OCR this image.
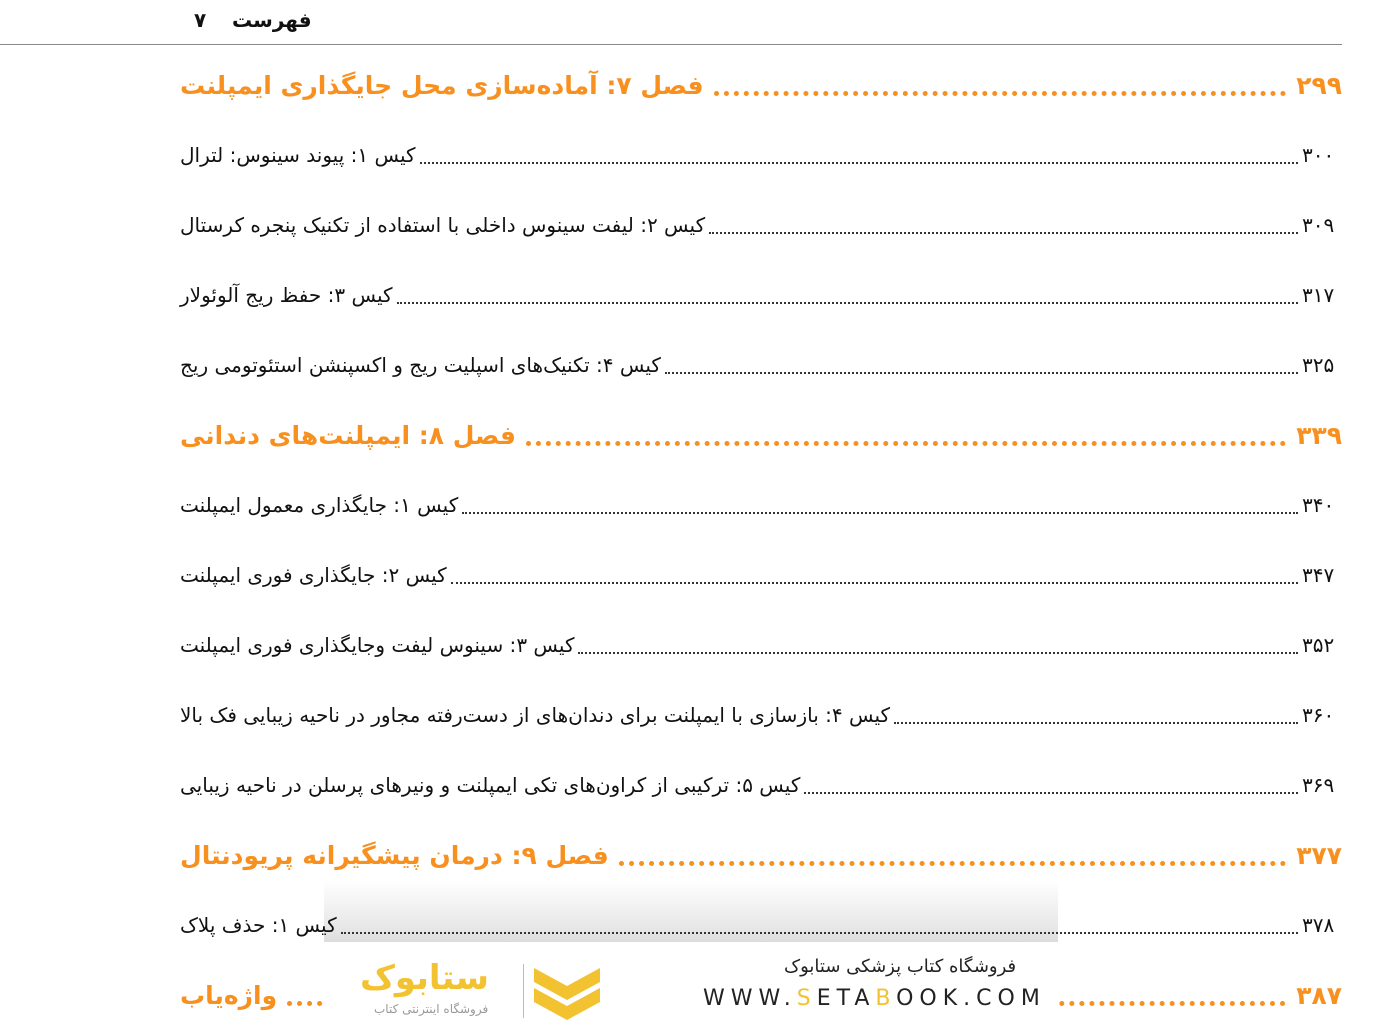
فهرست
۷
فصل ۷: آماده‌سازی محل جایگذاری ایمپلنت	۲۹۹
کیس ۱: پیوند سینوس: لترال	۳۰۰
کیس ۲: لیفت سینوس داخلی با استفاده از تکنیک پنجره کرستال	۳۰۹
کیس ۳: حفظ ریج آلوئولار	۳۱۷
کیس ۴: تکنیک‌های اسپلیت ریج و اکسپنشن استئوتومی ریج	۳۲۵
فصل ۸: ایمپلنت‌های دندانی	۳۳۹
کیس ۱: جایگذاری معمول ایمپلنت	۳۴۰
کیس ۲: جایگذاری فوری ایمپلنت	۳۴۷
کیس ۳: سینوس لیفت وجایگذاری فوری ایمپلنت	۳۵۲
کیس ۴: بازسازی با ایمپلنت برای دندان‌های از دست‌رفته مجاور در ناحیه زیبایی فک بالا	۳۶۰
کیس ۵: ترکیبی از کراون‌های تکی ایمپلنت و ونیرهای پرسلن در ناحیه زیبایی	۳۶۹
فصل ۹: درمان پیشگیرانه پریودنتال	۳۷۷
کیس ۱: حذف پلاک	۳۷۸
واژه‌یاب	۳۸۷
ستابوک
فروشگاه اینترنتی کتاب
فروشگاه کتاب پزشکی ستابوک
WWW.SETABOOK.COM
